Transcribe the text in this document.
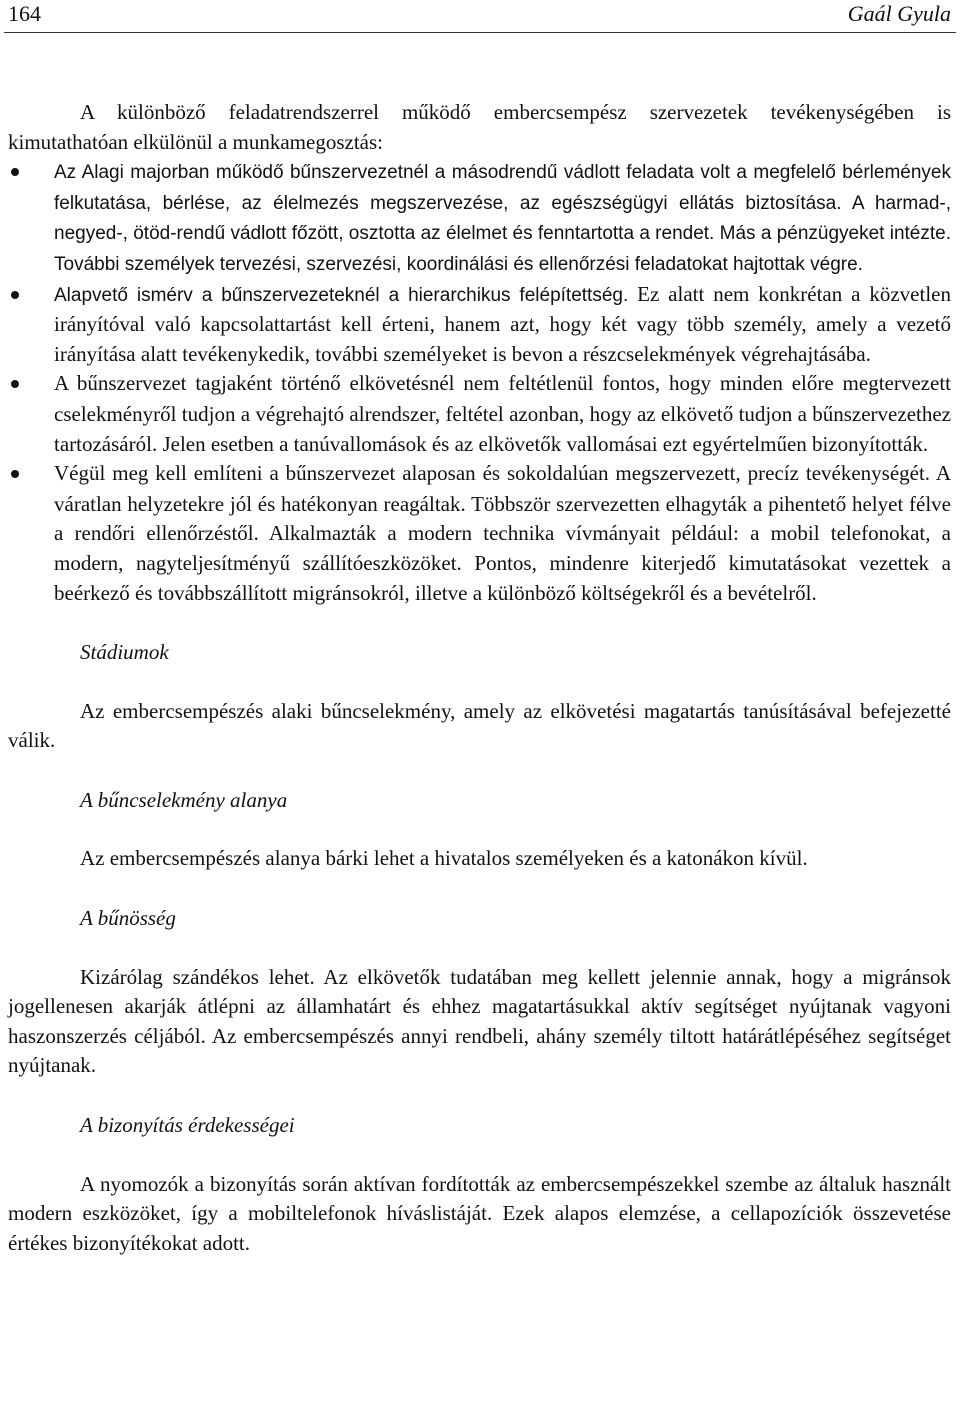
164	Gaál Gyula

A különböző feladatrendszerrel működő embercsempész szervezetek tevékenységében is kimutathatóan elkülönül a munkamegosztás:

Az Alagi majorban működő bűnszervezetnél a másodrendű vádlott feladata volt a megfelelő bérlemények felkutatása, bérlése, az élelmezés megszervezése, az egészségügyi ellátás biztosítása. A harmad-, negyed-, ötöd-rendű vádlott főzött, osztotta az élelmet és fenntartotta a rendet. Más a pénzügyeket intézte. További személyek tervezési, szervezési, koordinálási és ellenőrzési feladatokat hajtottak végre.
Alapvető ismérv a bűnszervezeteknél a hierarchikus felépítettség. Ez alatt nem konkrétan a közvetlen irányítóval való kapcsolattartást kell érteni, hanem azt, hogy két vagy több személy, amely a vezető irányítása alatt tevékenykedik, további személyeket is bevon a részcselekmények végrehajtásába.
A bűnszervezet tagjaként történő elkövetésnél nem feltétlenül fontos, hogy minden előre megtervezett cselekményről tudjon a végrehajtó alrendszer, feltétel azonban, hogy az elkövető tudjon a bűnszervezethez tartozásáról. Jelen esetben a tanúvallomások és az elkövetők vallomásai ezt egyértelműen bizonyították.
Végül meg kell említeni a bűnszervezet alaposan és sokoldalúan megszervezett, precíz tevékenységét. A váratlan helyzetekre jól és hatékonyan reagáltak. Többször szervezetten elhagyták a pihentető helyet félve a rendőri ellenőrzéstől. Alkalmazták a modern technika vívmányait például: a mobil telefonokat, a modern, nagyteljesítményű szállítóeszközöket. Pontos, mindenre kiterjedő kimutatásokat vezettek a beérkező és továbbszállított migránsokról, illetve a különböző költségekről és a bevételről.

Stádiumok

Az embercsempészés alaki bűncselekmény, amely az elkövetési magatartás tanúsításával befejezetté válik.

A bűncselekmény alanya

Az embercsempészés alanya bárki lehet a hivatalos személyeken és a katonákon kívül.

A bűnösség

Kizárólag szándékos lehet. Az elkövetők tudatában meg kellett jelennie annak, hogy a migránsok jogellenesen akarják átlépni az államhatárt és ehhez magatartásukkal aktív segítséget nyújtanak vagyoni haszonszerzés céljából. Az embercsempészés annyi rendbeli, ahány személy tiltott határátlépéséhez segítséget nyújtanak.

A bizonyítás érdekességei

A nyomozók a bizonyítás során aktívan fordították az embercsempészekkel szembe az általuk használt modern eszközöket, így a mobiltelefonok híváslistáját. Ezek alapos elemzése, a cellapozíciók összevetése értékes bizonyítékokat adott.
